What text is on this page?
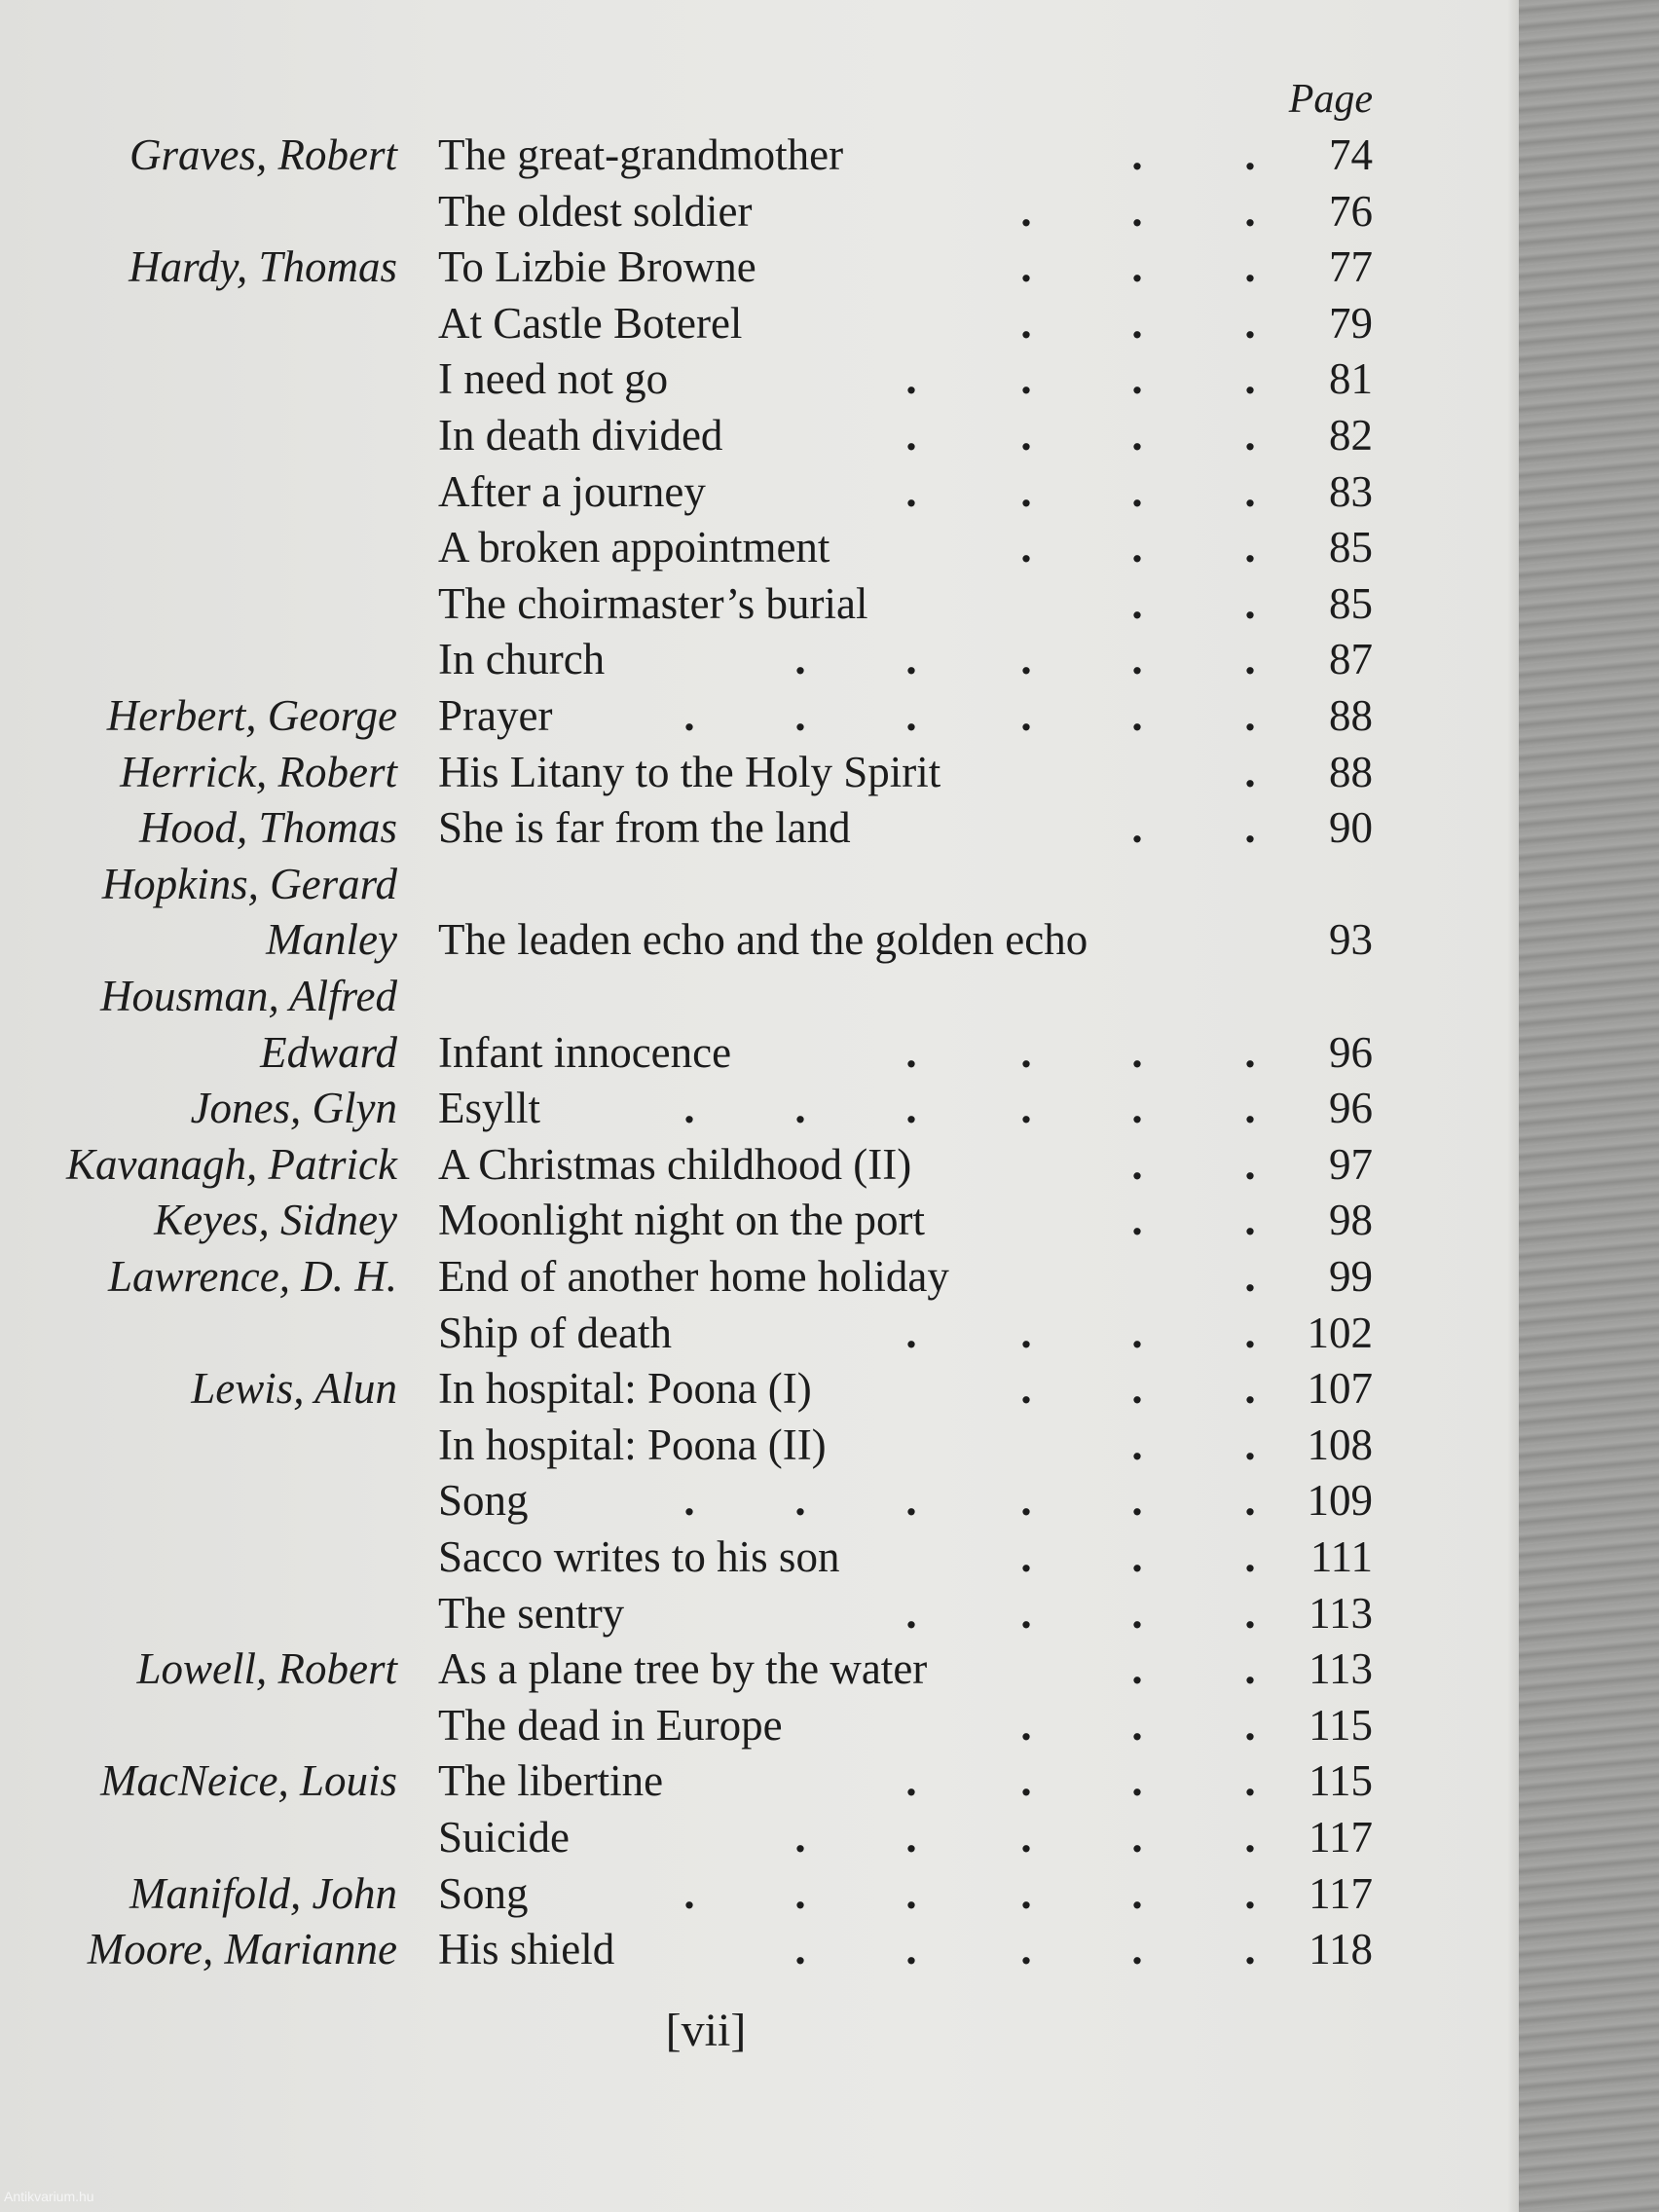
Page
Graves, Robert The great-grandmother	. .	74
The oldest soldier	. . .	76
Hardy, Thomas To Lizbie Browne	. . .	77
At Castle Boterel	. . .	79
I need not go	. . . .	81
In death divided	. . . .	82
After a journey	. . . .	83
A broken appointment	. . .	85
The choirmaster’s burial	. .	85
In church	. . . . .	87
Herbert, George Prayer	. . . . . .	88
Herrick, Robert His Litany to the Holy Spirit	.	88
Hood, Thomas She is far from the land	. .	90
Hopkins, Gerard
Manley The leaden echo and the golden echo	93
Housman, Alfred
Edward Infant innocence	. . . .	96
Jones, Glyn Esyllt	. . . . . .	96
Kavanagh, Patrick A Christmas childhood (II)	. .	97
Keyes, Sidney Moonlight night on the port	. .	98
Lawrence, D. H. End of another home holiday	.	99
Ship of death	. . . .	102
Lewis, Alun In hospital: Poona (I)	. . .	107
In hospital: Poona (II)	. .	108
Song	. . . . . .	109
Sacco writes to his son	. . .	111
The sentry	. . . .	113
Lowell, Robert As a plane tree by the water	. .	113
The dead in Europe	. . .	115
MacNeice, Louis The libertine	. . . .	115
Suicide	. . . . .	117
Manifold, John Song	. . . . . .	117
Moore, Marianne His shield	. . . . .	118
[vii]
Antikvarium.hu
